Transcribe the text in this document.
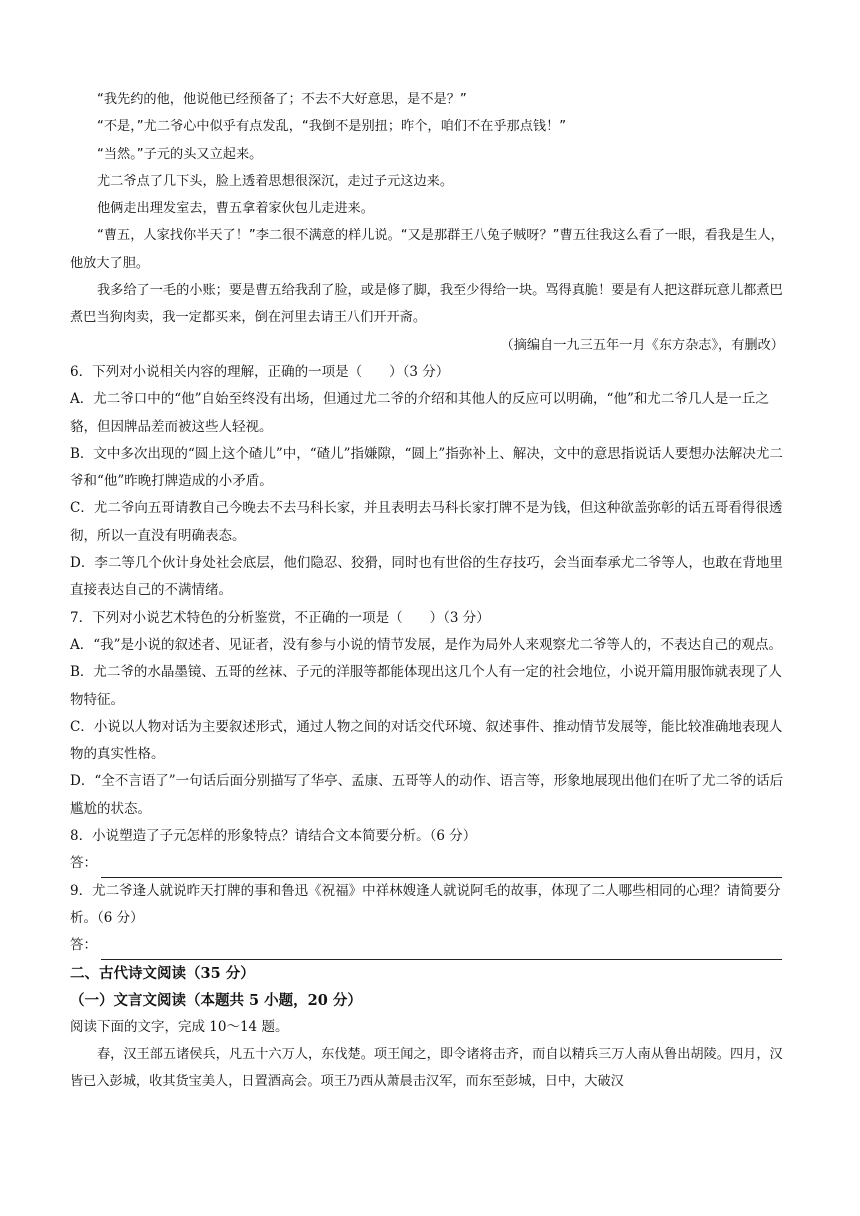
“我先约的他，他说他已经预备了；不去不大好意思，是不是？”

“不是，”尤二爷心中似乎有点发乱，“我倒不是别扭；昨个，咱们不在乎那点钱！”

“当然。”子元的头又立起来。

尤二爷点了几下头，脸上透着思想很深沉，走过子元这边来。

他俩走出理发室去，曹五拿着家伙包儿走进来。

“曹五，人家找你半天了！”李二很不满意的样儿说。“又是那群王八兔子贼呀？”曹五往我这么看了一眼，看我是生人，他放大了胆。

我多给了一毛的小账；要是曹五给我刮了脸，或是修了脚，我至少得给一块。骂得真脆！要是有人把这群玩意儿都煮巴煮巴当狗肉卖，我一定都买来，倒在河里去请王八们开开斋。

（摘编自一九三五年一月《东方杂志》，有删改）

6．下列对小说相关内容的理解，正确的一项是（　　）（3 分）

A．尤二爷口中的“他”自始至终没有出场，但通过尤二爷的介绍和其他人的反应可以明确，“他”和尤二爷几人是一丘之貉，但因牌品差而被这些人轻视。

B．文中多次出现的“圆上这个碴儿”中，“碴儿”指嫌隙，“圆上”指弥补上、解决，文中的意思指说话人要想办法解决尤二爷和“他”昨晚打牌造成的小矛盾。

C．尤二爷向五哥请教自己今晚去不去马科长家，并且表明去马科长家打牌不是为钱，但这种欲盖弥彰的话五哥看得很透彻，所以一直没有明确表态。

D．李二等几个伙计身处社会底层，他们隐忍、狡猾，同时也有世俗的生存技巧，会当面奉承尤二爷等人，也敢在背地里直接表达自己的不满情绪。

7．下列对小说艺术特色的分析鉴赏，不正确的一项是（　　）（3 分）

A．“我”是小说的叙述者、见证者，没有参与小说的情节发展，是作为局外人来观察尤二爷等人的，不表达自己的观点。

B．尤二爷的水晶墨镜、五哥的丝袜、子元的洋服等都能体现出这几个人有一定的社会地位，小说开篇用服饰就表现了人物特征。

C．小说以人物对话为主要叙述形式，通过人物之间的对话交代环境、叙述事件、推动情节发展等，能比较准确地表现人物的真实性格。

D．“全不言语了”一句话后面分别描写了华亭、孟康、五哥等人的动作、语言等，形象地展现出他们在听了尤二爷的话后尴尬的状态。

8．小说塑造了子元怎样的形象特点？请结合文本简要分析。（6 分）

答：

9．尤二爷逢人就说昨天打牌的事和鲁迅《祝福》中祥林嫂逢人就说阿毛的故事，体现了二人哪些相同的心理？请简要分析。（6 分）

答：

二、古代诗文阅读（35 分）

（一）文言文阅读（本题共 5 小题，20 分）

阅读下面的文字，完成 10～14 题。

春，汉王部五诸侯兵，凡五十六万人，东伐楚。项王闻之，即令诸将击齐，而自以精兵三万人南从鲁出胡陵。四月，汉皆已入彭城，收其货宝美人，日置酒高会。项王乃西从萧晨击汉军，而东至彭城，日中，大破汉
